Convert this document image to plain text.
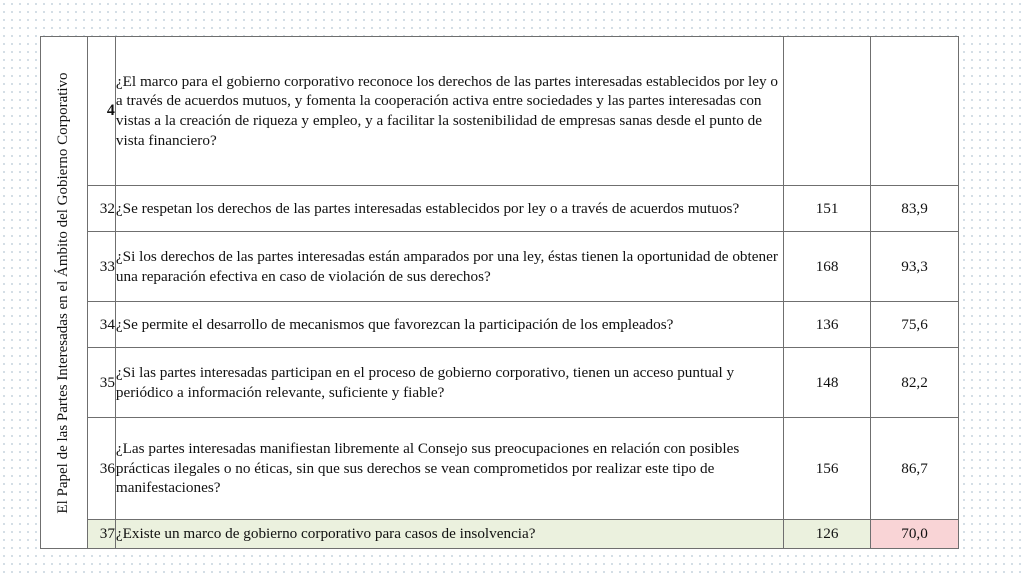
El Papel de las Partes Interesadas en el Ámbito del Gobierno Corporativo	4	¿El marco para el gobierno corporativo reconoce los derechos de las partes interesadas establecidos por ley o a través de acuerdos mutuos, y fomenta la cooperación activa entre sociedades y las partes interesadas con vistas a la creación de riqueza y empleo, y a facilitar la sostenibilidad de empresas sanas desde el punto de vista financiero?		
	32	¿Se respetan los derechos de las partes interesadas establecidos por ley o a través de acuerdos mutuos?	151	83,9
	33	¿Si los derechos de las partes interesadas están amparados por una ley, éstas tienen la oportunidad de obtener una reparación efectiva en caso de violación de sus derechos?	168	93,3
	34	¿Se permite el desarrollo de mecanismos que favorezcan la participación de los empleados?	136	75,6
	35	¿Si las partes interesadas participan en el proceso de gobierno corporativo, tienen un acceso puntual y periódico a información relevante, suficiente y fiable?	148	82,2
	36	¿Las partes interesadas manifiestan libremente al Consejo sus preocupaciones en relación con posibles prácticas ilegales o no éticas, sin que sus derechos se vean comprometidos por realizar este tipo de manifestaciones?	156	86,7
	37	¿Existe un marco de gobierno corporativo para casos de insolvencia?	126	70,0
